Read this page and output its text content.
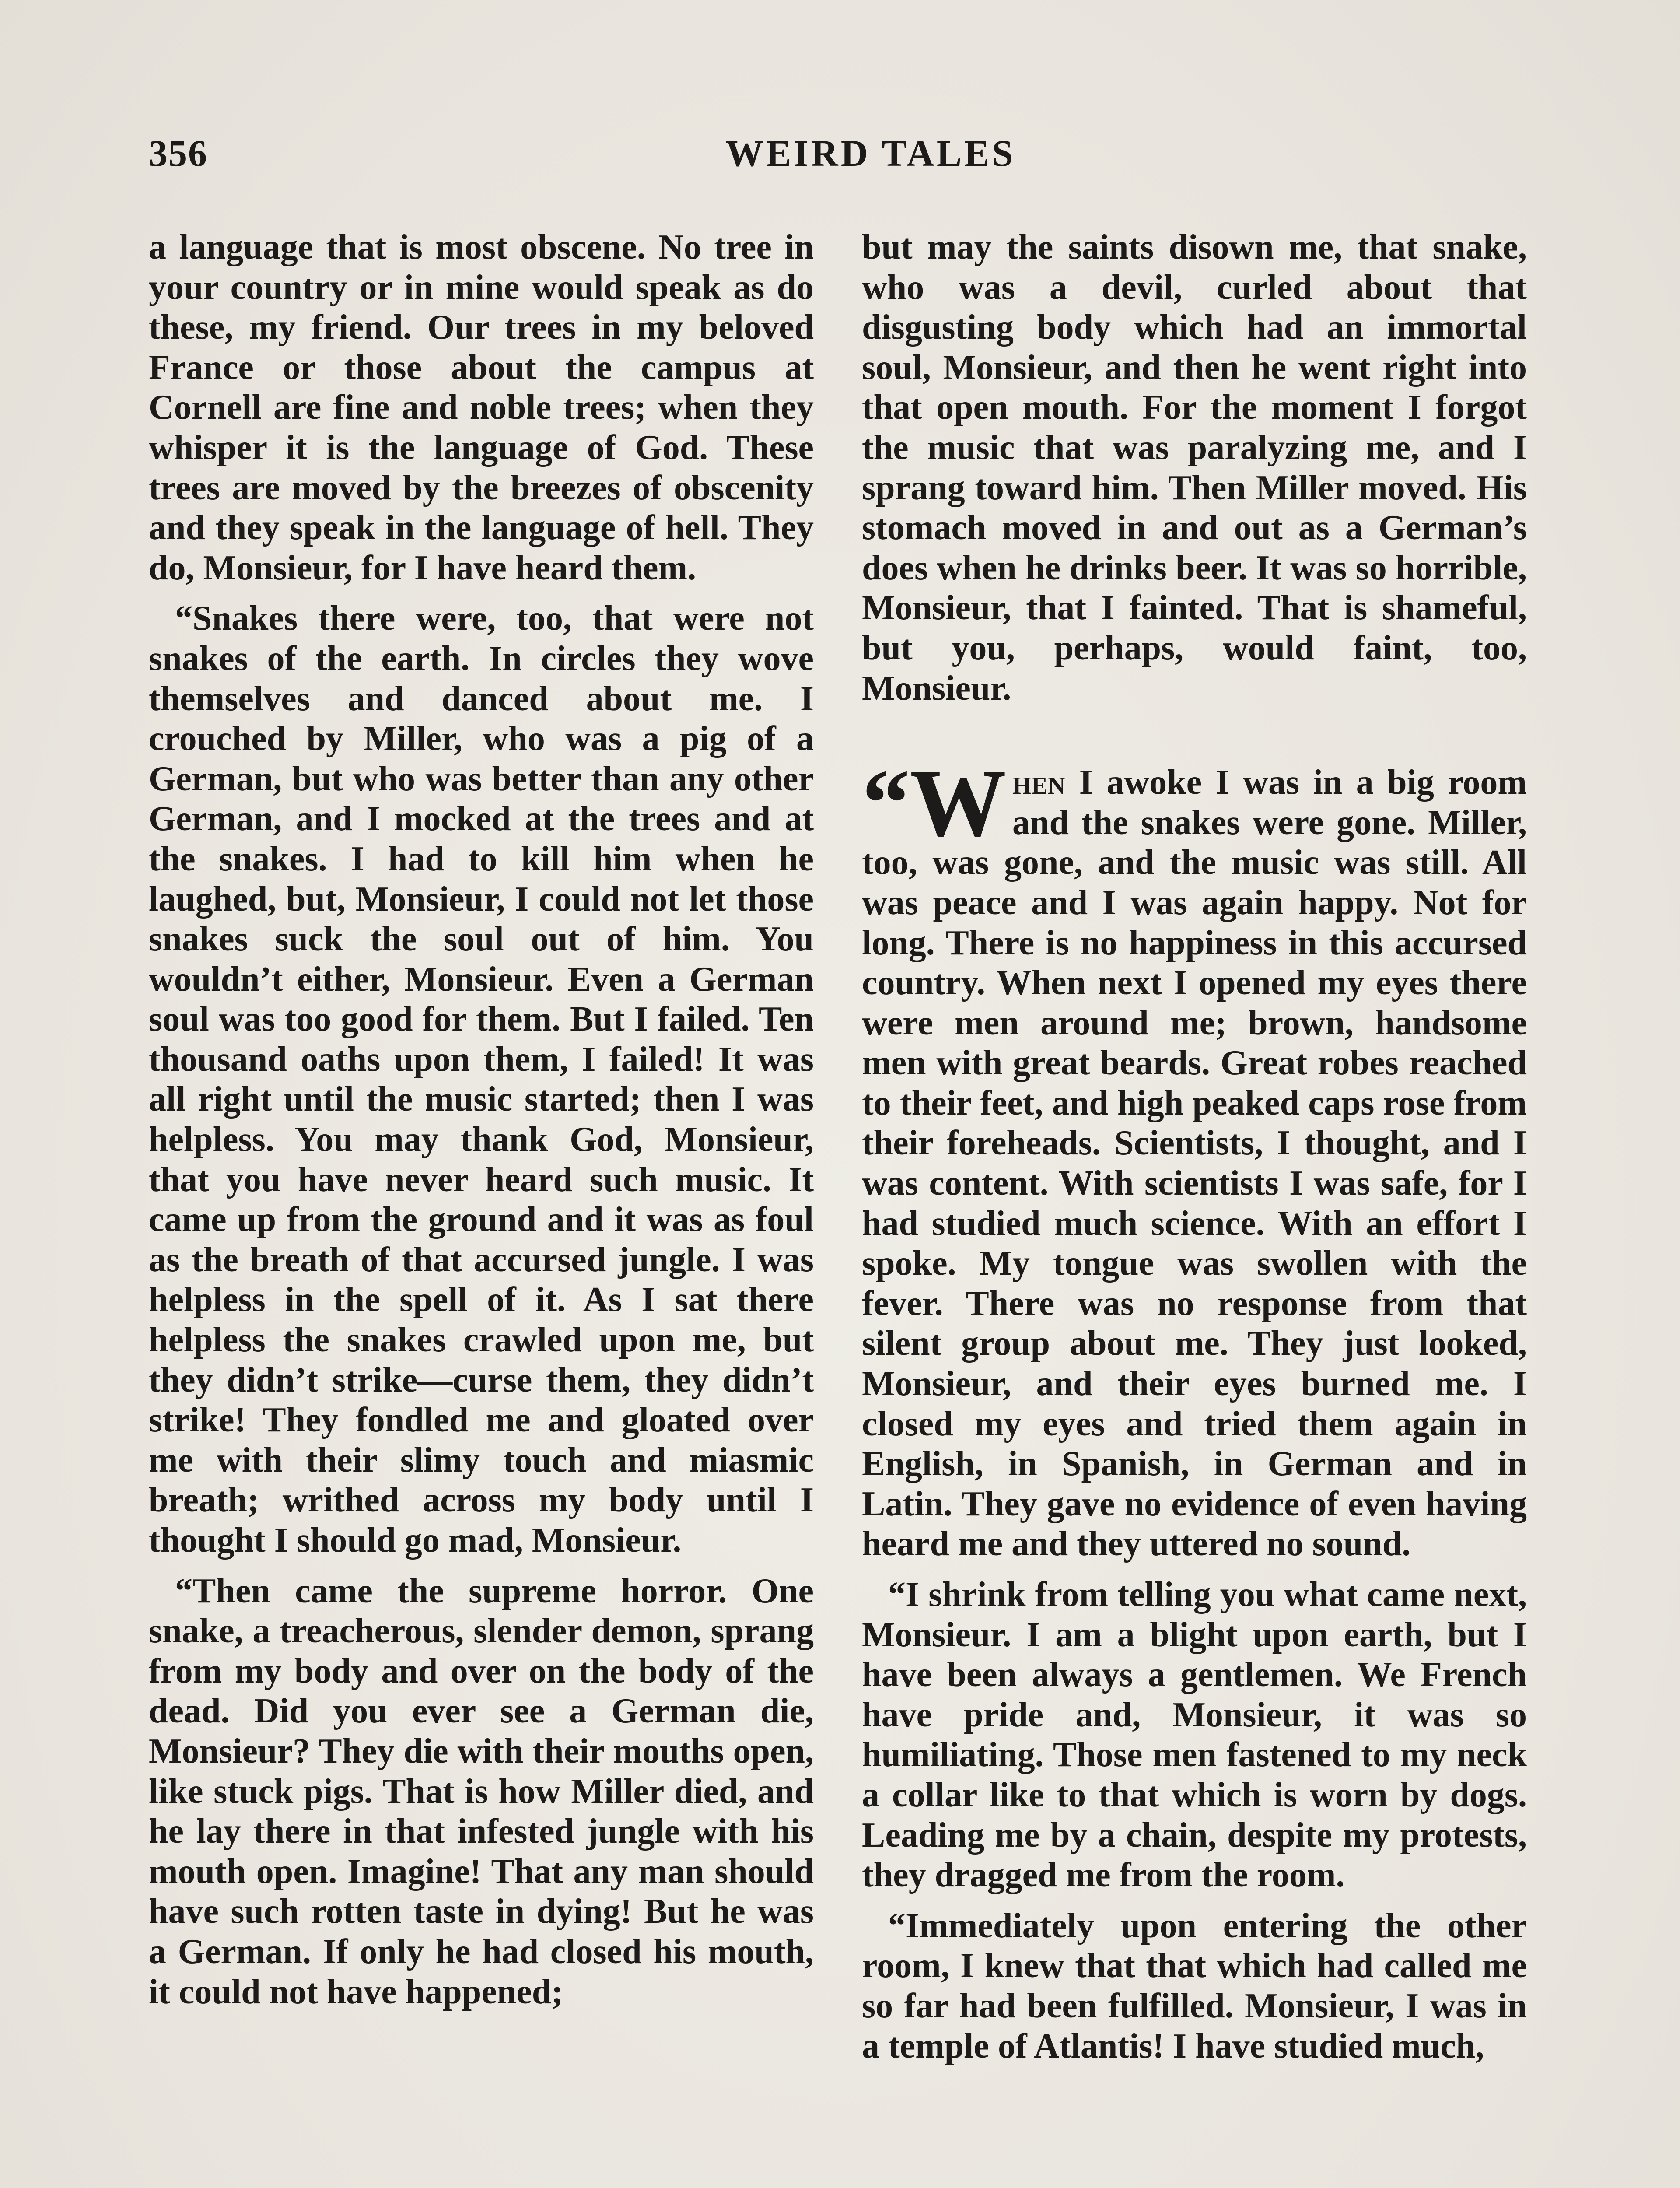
356	WEIRD TALES

a language that is most obscene. No tree in your country or in mine would speak as do these, my friend. Our trees in my beloved France or those about the campus at Cornell are fine and noble trees; when they whisper it is the language of God. These trees are moved by the breezes of obscenity and they speak in the language of hell. They do, Monsieur, for I have heard them.

“Snakes there were, too, that were not snakes of the earth. In circles they wove themselves and danced about me. I crouched by Miller, who was a pig of a German, but who was better than any other German, and I mocked at the trees and at the snakes. I had to kill him when he laughed, but, Monsieur, I could not let those snakes suck the soul out of him. You wouldn’t either, Monsieur. Even a German soul was too good for them. But I failed. Ten thousand oaths upon them, I failed! It was all right until the music started; then I was helpless. You may thank God, Monsieur, that you have never heard such music. It came up from the ground and it was as foul as the breath of that accursed jungle. I was helpless in the spell of it. As I sat there helpless the snakes crawled upon me, but they didn’t strike—curse them, they didn’t strike! They fondled me and gloated over me with their slimy touch and miasmic breath; writhed across my body until I thought I should go mad, Monsieur.

“Then came the supreme horror. One snake, a treacherous, slender demon, sprang from my body and over on the body of the dead. Did you ever see a German die, Monsieur? They die with their mouths open, like stuck pigs. That is how Miller died, and he lay there in that infested jungle with his mouth open. Imagine! That any man should have such rotten taste in dying! But he was a German. If only he had closed his mouth, it could not have happened;

but may the saints disown me, that snake, who was a devil, curled about that disgusting body which had an immortal soul, Monsieur, and then he went right into that open mouth. For the moment I forgot the music that was paralyzing me, and I sprang toward him. Then Miller moved. His stomach moved in and out as a German’s does when he drinks beer. It was so horrible, Monsieur, that I fainted. That is shameful, but you, perhaps, would faint, too, Monsieur.

“W hen I awoke I was in a big room and the snakes were gone. Miller, too, was gone, and the music was still. All was peace and I was again happy. Not for long. There is no happiness in this accursed country. When next I opened my eyes there were men around me; brown, handsome men with great beards. Great robes reached to their feet, and high peaked caps rose from their foreheads. Scientists, I thought, and I was content. With scientists I was safe, for I had studied much science. With an effort I spoke. My tongue was swollen with the fever. There was no response from that silent group about me. They just looked, Monsieur, and their eyes burned me. I closed my eyes and tried them again in English, in Spanish, in German and in Latin. They gave no evidence of even having heard me and they uttered no sound.

“I shrink from telling you what came next, Monsieur. I am a blight upon earth, but I have been always a gentlemen. We French have pride and, Monsieur, it was so humiliating. Those men fastened to my neck a collar like to that which is worn by dogs. Leading me by a chain, despite my protests, they dragged me from the room.

“Immediately upon entering the other room, I knew that that which had called me so far had been fulfilled. Monsieur, I was in a temple of Atlantis! I have studied much,
